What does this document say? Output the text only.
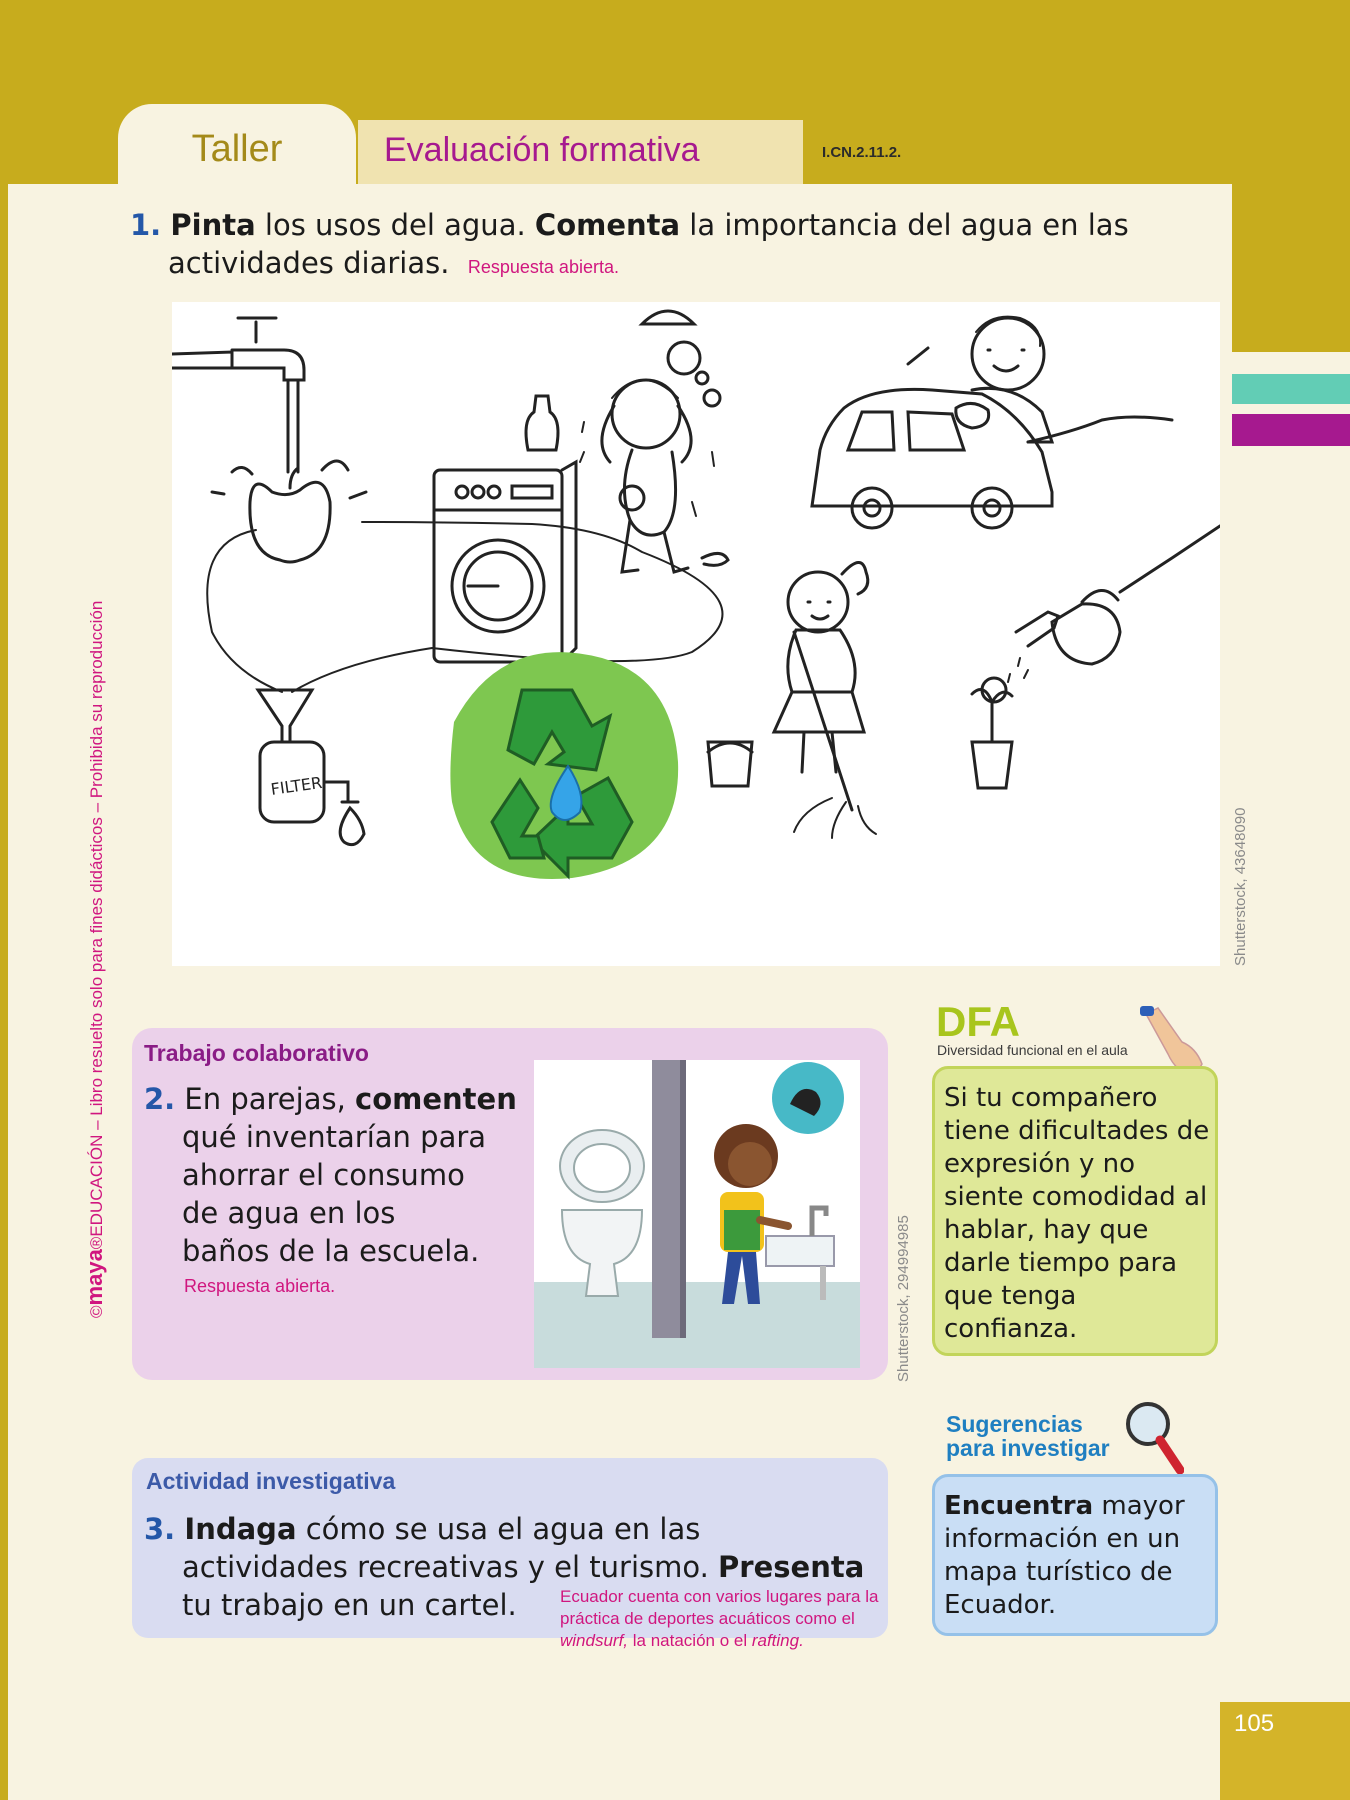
Taller	Evaluación formativa	I.CN.2.11.2.
©maya®EDUCACIÓN – Libro resuelto solo para fines didácticos – Prohibida su reproducción
1. Pinta los usos del agua. Comenta la importancia del agua en las
actividades diarias. Respuesta abierta.
FILTER
Shutterstock, 43648090
Trabajo colaborativo
2. En parejas, comenten
qué inventarían para
ahorrar el consumo
de agua en los
baños de la escuela.
Respuesta abierta.	Shutterstock, 294994985
DFA
Diversidad funcional en el aula
Si tu compañero tiene dificultades de expresión y no siente comodidad al hablar, hay que darle tiempo para que tenga confianza.
Actividad investigativa
3. Indaga cómo se usa el agua en las
actividades recreativas y el turismo. Presenta
tu trabajo en un cartel.	Ecuador cuenta con varios lugares para la práctica de deportes acuáticos como el windsurf, la natación o el rafting.
Sugerencias
para investigar
Encuentra mayor información en un mapa turístico de Ecuador.
105
